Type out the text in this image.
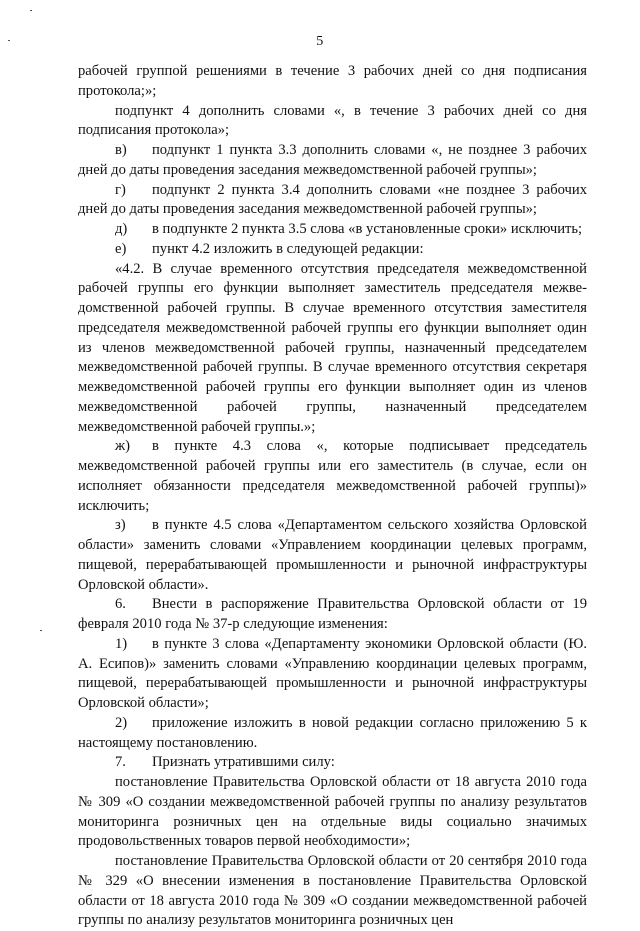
5

рабочей группой решениями в течение 3 рабочих дней со дня подписания протокола;»;

подпункт 4 дополнить словами «, в течение 3 рабочих дней со дня подписания протокола»;

в) подпункт 1 пункта 3.3 дополнить словами «, не позднее 3 рабочих дней до даты проведения заседания межведомственной рабочей группы»;

г) подпункт 2 пункта 3.4 дополнить словами «не позднее 3 рабочих дней до даты проведения заседания межведомственной рабочей группы»;

д) в подпункте 2 пункта 3.5 слова «в установленные сроки» исключить;

е) пункт 4.2 изложить в следующей редакции:

«4.2. В случае временного отсутствия председателя межведомственной рабочей группы его функции выполняет заместитель председателя межве-домственной рабочей группы. В случае временного отсутствия заместителя председателя межведомственной рабочей группы его функции выполняет один из членов межведомственной рабочей группы, назначенный председателем межведомственной рабочей группы. В случае временного отсутствия секретаря межведомственной рабочей группы его функции выполняет один из членов межведомственной рабочей группы, назначенный председателем межведомственной рабочей группы.»;

ж) в пункте 4.3 слова «, которые подписывает председатель межведомственной рабочей группы или его заместитель (в случае, если он исполняет обязанности председателя межведомственной рабочей группы)» исключить;

з) в пункте 4.5 слова «Департаментом сельского хозяйства Орловской области» заменить словами «Управлением координации целевых программ, пищевой, перерабатывающей промышленности и рыночной инфраструктуры Орловской области».

6. Внести в распоряжение Правительства Орловской области от 19 февраля 2010 года № 37-р следующие изменения:

1) в пункте 3 слова «Департаменту экономики Орловской области (Ю. А. Есипов)» заменить словами «Управлению координации целевых программ, пищевой, перерабатывающей промышленности и рыночной инфраструктуры Орловской области»;

2) приложение изложить в новой редакции согласно приложению 5 к настоящему постановлению.

7. Признать утратившими силу:

постановление Правительства Орловской области от 18 августа 2010 года № 309 «О создании межведомственной рабочей группы по анализу результатов мониторинга розничных цен на отдельные виды социально значимых продовольственных товаров первой необходимости»;

постановление Правительства Орловской области от 20 сентября 2010 года № 329 «О внесении изменения в постановление Правительства Орловской области от 18 августа 2010 года № 309 «О создании межведомственной рабочей группы по анализу результатов мониторинга розничных цен
